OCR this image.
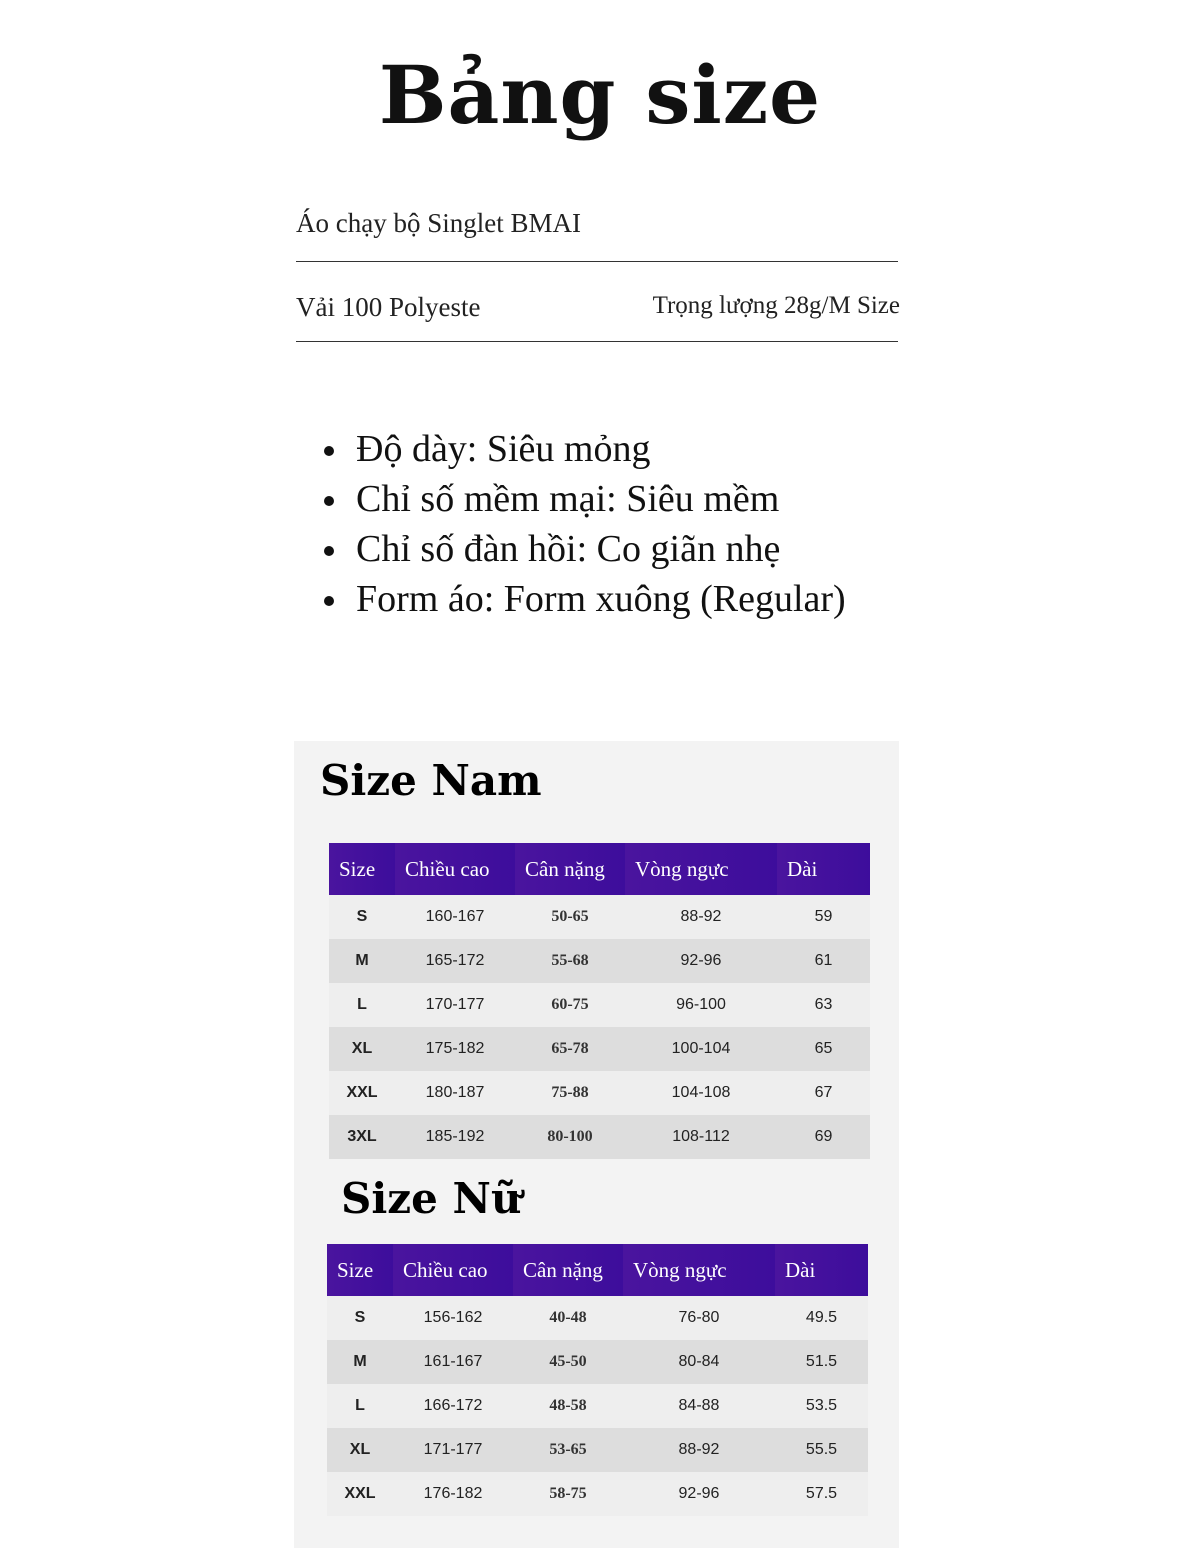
Bảng size
Áo chạy bộ Singlet BMAI
Vải 100 Polyeste	Trọng lượng 28g/M Size
Độ dày: Siêu mỏng
Chỉ số mềm mại: Siêu mềm
Chỉ số đàn hồi: Co giãn nhẹ
Form áo: Form xuông (Regular)
Size Nam
Size	Chiều cao	Cân nặng	Vòng ngực	Dài
S	160-167	50-65	88-92	59
M	165-172	55-68	92-96	61
L	170-177	60-75	96-100	63
XL	175-182	65-78	100-104	65
XXL	180-187	75-88	104-108	67
3XL	185-192	80-100	108-112	69
Size Nữ
Size	Chiều cao	Cân nặng	Vòng ngực	Dài
S	156-162	40-48	76-80	49.5
M	161-167	45-50	80-84	51.5
L	166-172	48-58	84-88	53.5
XL	171-177	53-65	88-92	55.5
XXL	176-182	58-75	92-96	57.5
